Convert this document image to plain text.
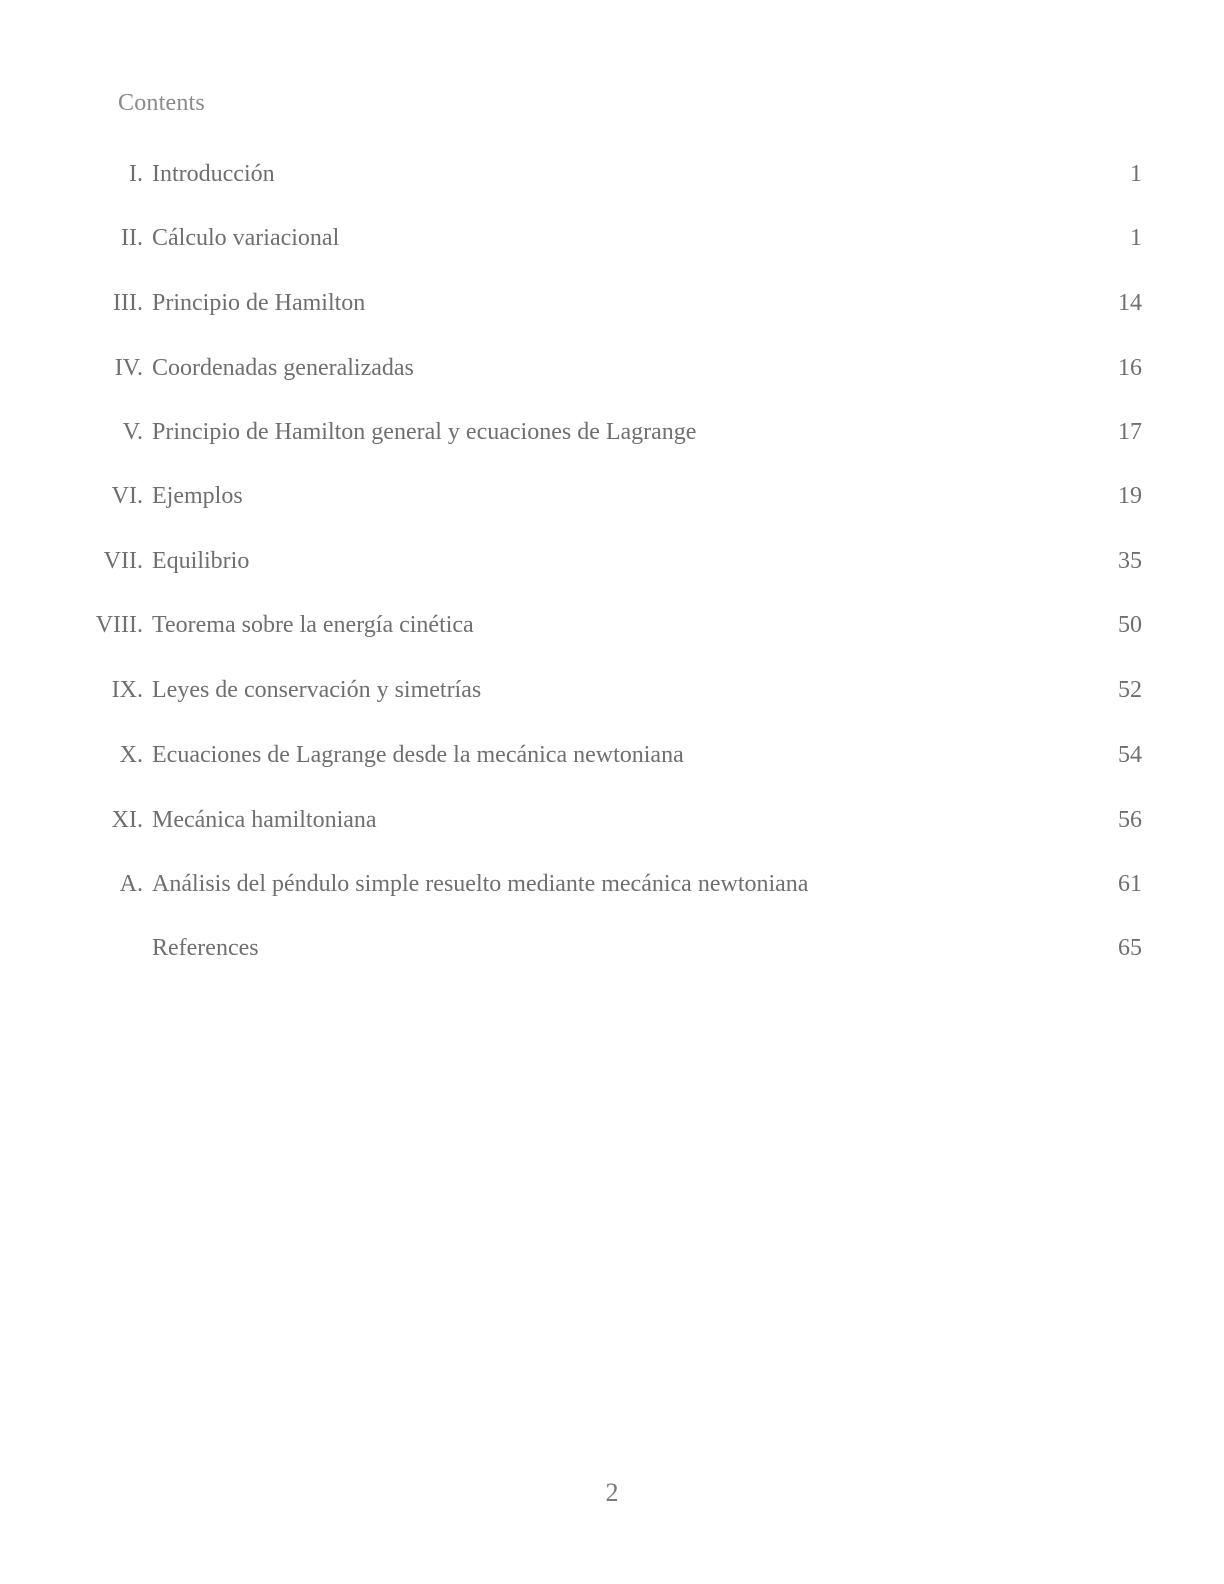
Contents
I. Introducción	1
II. Cálculo variacional	1
III. Principio de Hamilton	14
IV. Coordenadas generalizadas	16
V. Principio de Hamilton general y ecuaciones de Lagrange	17
VI. Ejemplos	19
VII. Equilibrio	35
VIII. Teorema sobre la energía cinética	50
IX. Leyes de conservación y simetrías	52
X. Ecuaciones de Lagrange desde la mecánica newtoniana	54
XI. Mecánica hamiltoniana	56
A. Análisis del péndulo simple resuelto mediante mecánica newtoniana	61
References	65
2
